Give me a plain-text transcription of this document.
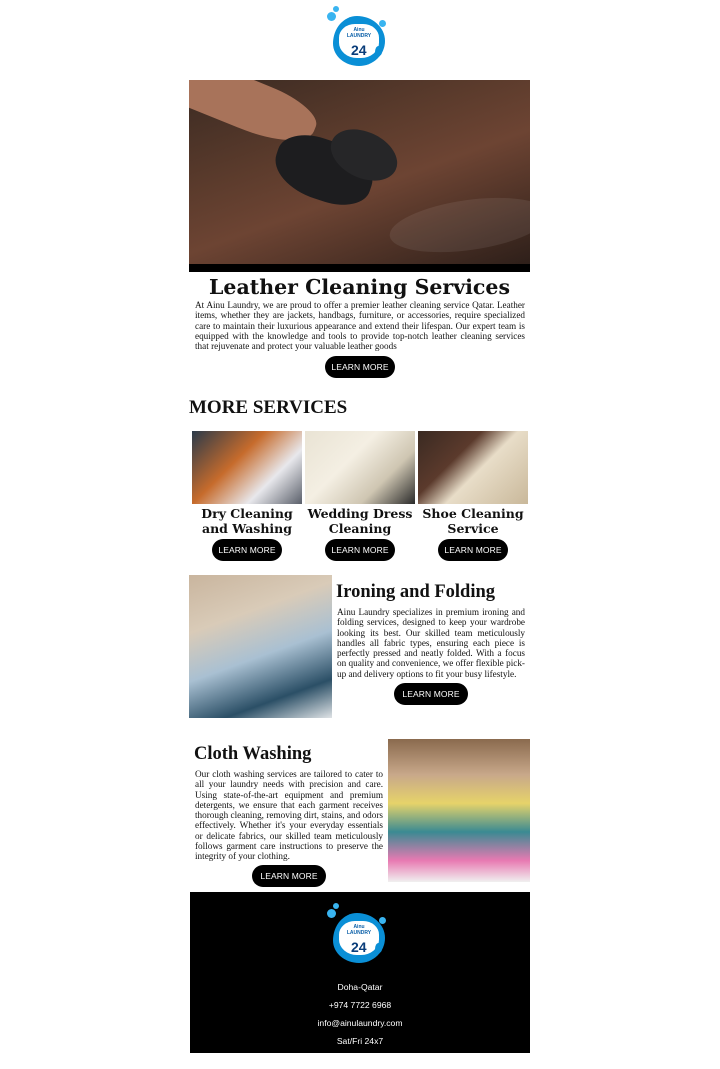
Ainu
LAUNDRY
24
Leather Cleaning Services

At Ainu Laundry, we are proud to offer a premier leather cleaning service Qatar. Leather items, whether they are jackets, handbags, furniture, or accessories, require specialized care to maintain their luxurious appearance and extend their lifespan. Our expert team is equipped with the knowledge and tools to provide top-notch leather cleaning services that rejuvenate and protect your valuable leather goods

LEARN MORE
MORE SERVICES
Dry Cleaning and Washing
Wedding Dress Cleaning
Shoe Cleaning Service
LEARN MORE	LEARN MORE	LEARN MORE
Ironing and Folding

Ainu Laundry specializes in premium ironing and folding services, designed to keep your wardrobe looking its best. Our skilled team meticulously handles all fabric types, ensuring each piece is perfectly pressed and neatly folded. With a focus on quality and convenience, we offer flexible pick-up and delivery options to fit your busy lifestyle.

LEARN MORE
Cloth Washing

Our cloth washing services are tailored to cater to all your laundry needs with precision and care. Using state-of-the-art equipment and premium detergents, we ensure that each garment receives thorough cleaning, removing dirt, stains, and odors effectively. Whether it's your everyday essentials or delicate fabrics, our skilled team meticulously follows garment care instructions to preserve the integrity of your clothing.

LEARN MORE
Ainu
LAUNDRY
24
Doha-Qatar
+974 7722 6968
info@ainulaundry.com
Sat/Fri 24x7
